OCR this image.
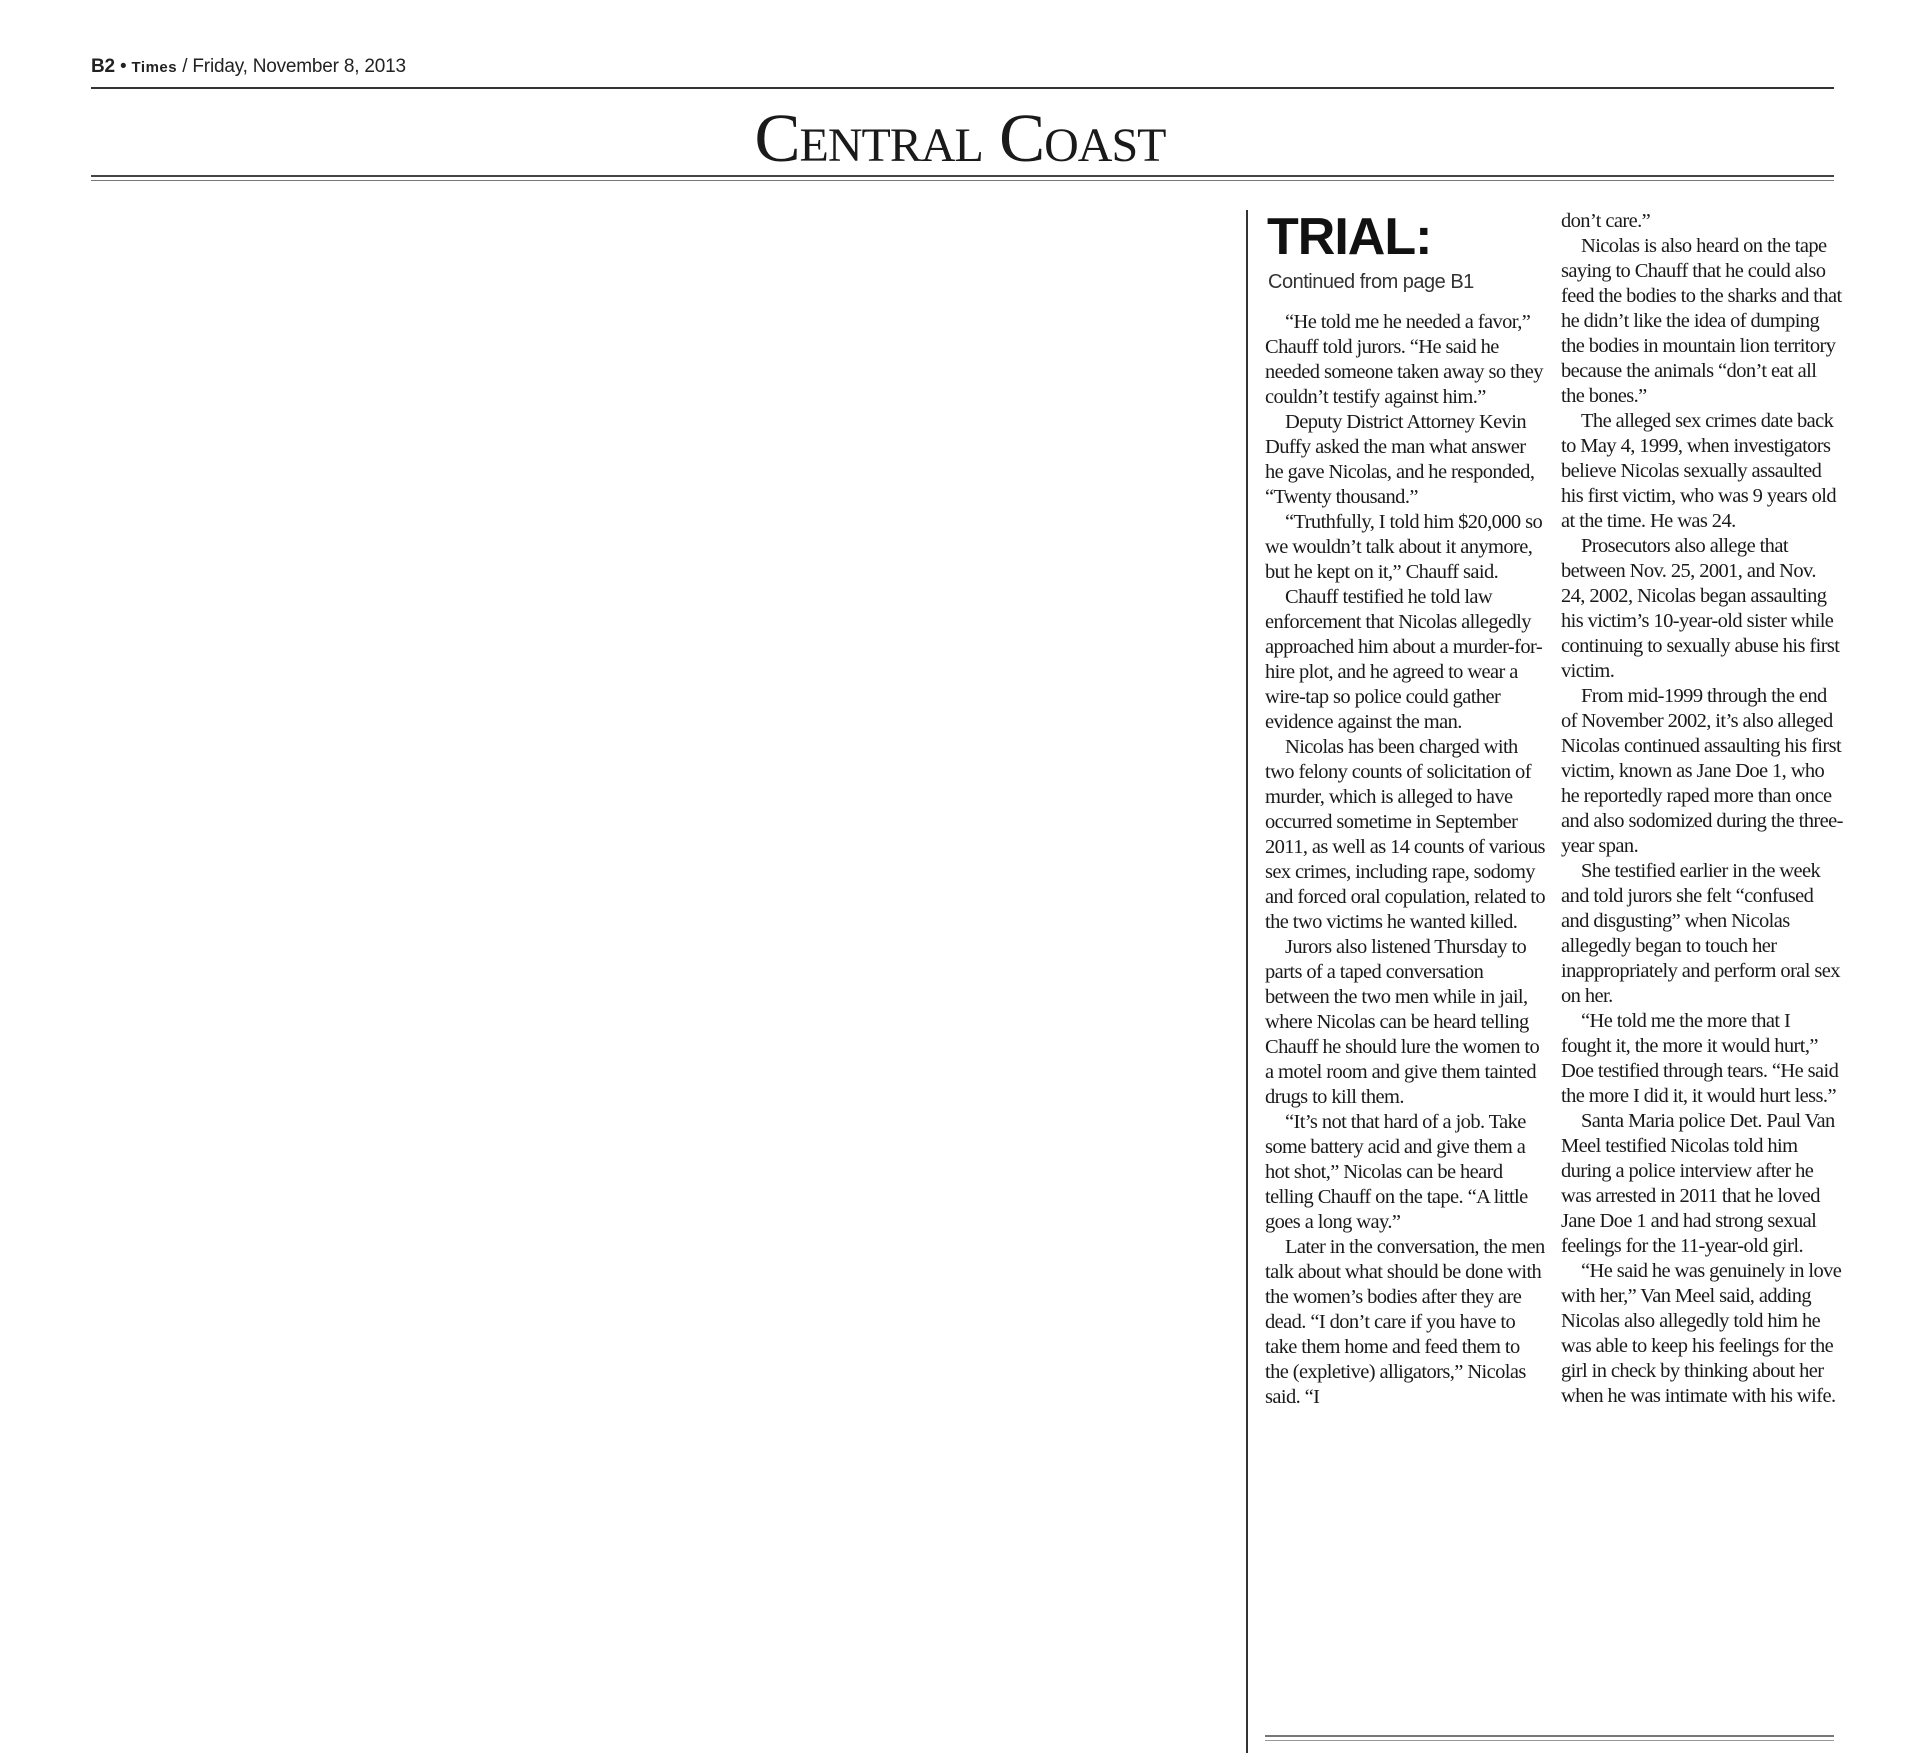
B2 • Times / Friday, November 8, 2013
Central Coast
TRIAL:
Continued from page B1

“He told me he needed a favor,” Chauff told jurors. “He said he needed someone taken away so they couldn’t testify against him.”

Deputy District Attorney Kevin Duffy asked the man what answer he gave Nicolas, and he responded, “Twenty thousand.”

“Truthfully, I told him $20,000 so we wouldn’t talk about it anymore, but he kept on it,” Chauff said.

Chauff testified he told law enforcement that Nicolas allegedly approached him about a murder-for-hire plot, and he agreed to wear a wire-tap so police could gather evidence against the man.

Nicolas has been charged with two felony counts of solicitation of murder, which is alleged to have occurred sometime in September 2011, as well as 14 counts of various sex crimes, including rape, sodomy and forced oral copulation, related to the two victims he wanted killed.

Jurors also listened Thursday to parts of a taped conversation between the two men while in jail, where Nicolas can be heard telling Chauff he should lure the women to a motel room and give them tainted drugs to kill them.

“It’s not that hard of a job. Take some battery acid and give them a hot shot,” Nicolas can be heard telling Chauff on the tape. “A little goes a long way.”

Later in the conversation, the men talk about what should be done with the women’s bodies after they are dead. “I don’t care if you have to take them home and feed them to the (expletive) alligators,” Nicolas said. “I

don’t care.”

Nicolas is also heard on the tape saying to Chauff that he could also feed the bodies to the sharks and that he didn’t like the idea of dumping the bodies in mountain lion territory because the animals “don’t eat all the bones.”

The alleged sex crimes date back to May 4, 1999, when investigators believe Nicolas sexually assaulted his first victim, who was 9 years old at the time. He was 24.

Prosecutors also allege that between Nov. 25, 2001, and Nov. 24, 2002, Nicolas began assaulting his victim’s 10-year-old sister while continuing to sexually abuse his first victim.

From mid-1999 through the end of November 2002, it’s also alleged Nicolas continued assaulting his first victim, known as Jane Doe 1, who he reportedly raped more than once and also sodomized during the three-year span.

She testified earlier in the week and told jurors she felt “confused and disgusting” when Nicolas allegedly began to touch her inappropriately and perform oral sex on her.

“He told me the more that I fought it, the more it would hurt,” Doe testified through tears. “He said the more I did it, it would hurt less.”

Santa Maria police Det. Paul Van Meel testified Nicolas told him during a police interview after he was arrested in 2011 that he loved Jane Doe 1 and had strong sexual feelings for the 11-year-old girl.

“He said he was genuinely in love with her,” Van Meel said, adding Nicolas also allegedly told him he was able to keep his feelings for the girl in check by thinking about her when he was intimate with his wife.
